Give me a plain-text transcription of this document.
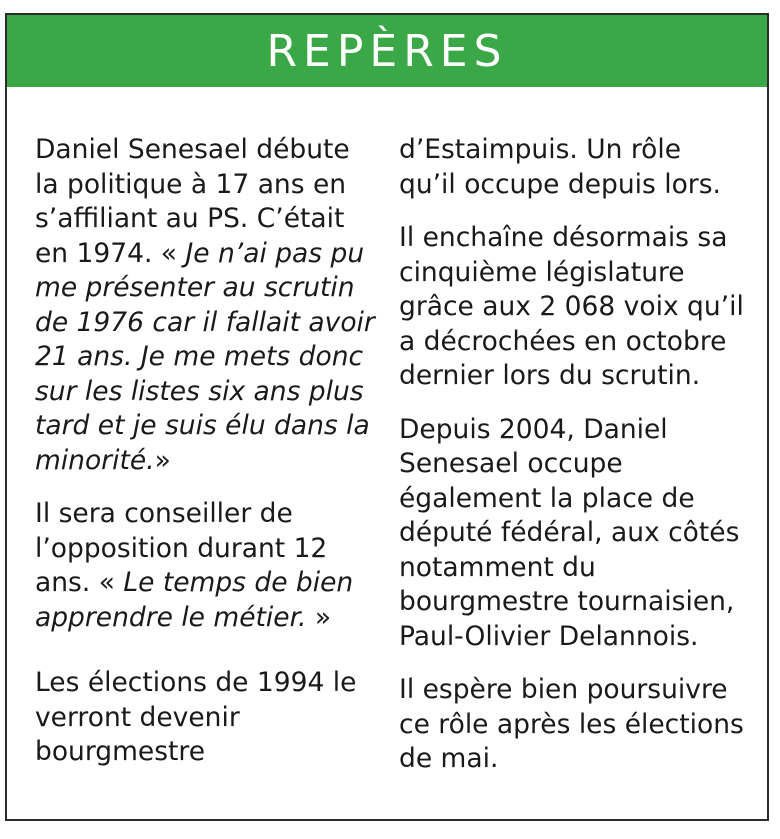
REPÈRES

Daniel Senesael débute la politique à 17 ans en s’affiliant au PS. C’était en 1974. « Je n’ai pas pu me présenter au scrutin de 1976 car il fallait avoir 21 ans. Je me mets donc sur les listes six ans plus tard et je suis élu dans la minorité.»

Il sera conseiller de l’opposition durant 12 ans. « Le temps de bien apprendre le métier. »

Les élections de 1994 le verront devenir bourgmestre

d’Estaimpuis. Un rôle qu’il occupe depuis lors.

Il enchaîne désormais sa cinquième législature grâce aux 2 068 voix qu’il a décrochées en octobre dernier lors du scrutin.

Depuis 2004, Daniel Senesael occupe également la place de député fédéral, aux côtés notamment du bourgmestre tournaisien, Paul-Olivier Delannois.

Il espère bien poursuivre ce rôle après les élections de mai.
